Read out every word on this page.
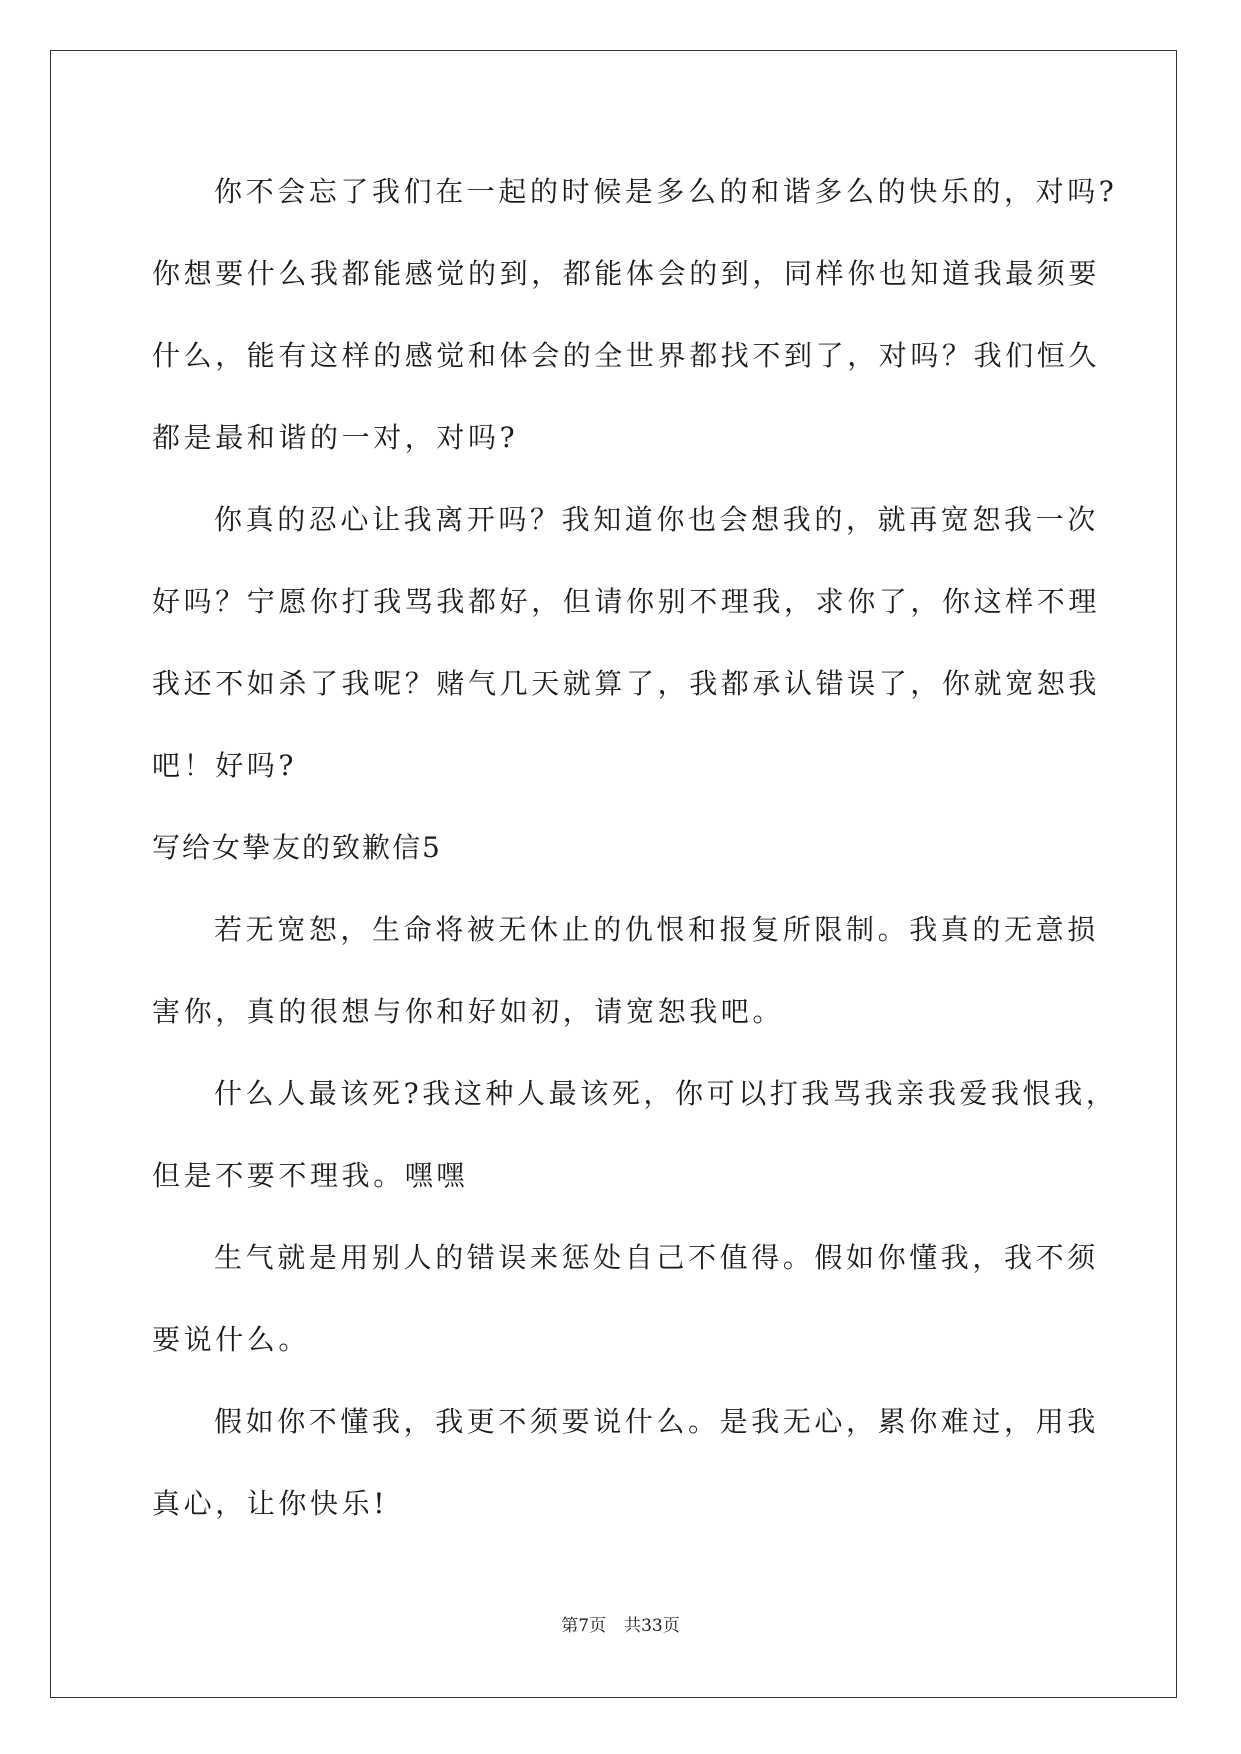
你不会忘了我们在一起的时候是多么的和谐多么的快乐的，对吗?
你想要什么我都能感觉的到，都能体会的到，同样你也知道我最须要
什么，能有这样的感觉和体会的全世界都找不到了，对吗？我们恒久
都是最和谐的一对，对吗?
你真的忍心让我离开吗？我知道你也会想我的，就再宽恕我一次
好吗？宁愿你打我骂我都好，但请你别不理我，求你了，你这样不理
我还不如杀了我呢？赌气几天就算了，我都承认错误了，你就宽恕我
吧！好吗?
写给女挚友的致歉信5
若无宽恕，生命将被无休止的仇恨和报复所限制。我真的无意损
害你，真的很想与你和好如初，请宽恕我吧。
什么人最该死?我这种人最该死，你可以打我骂我亲我爱我恨我，
但是不要不理我。嘿嘿
生气就是用别人的错误来惩处自己不值得。假如你懂我，我不须
要说什么。
假如你不懂我，我更不须要说什么。是我无心，累你难过，用我
真心，让你快乐!
第7页 共33页
